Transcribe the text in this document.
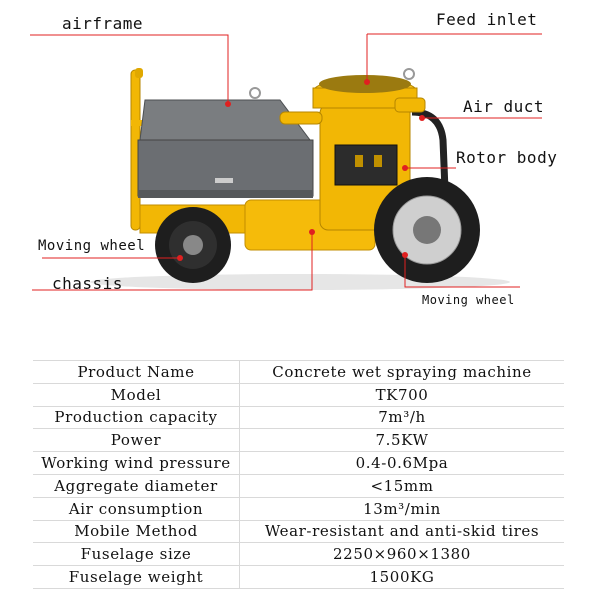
airframe	Feed inlet
Air duct
Rotor body
Moving wheel
chassis
Moving wheel
Product Name	Concrete wet spraying machine
Model	TK700
Production capacity	7m³/h
Power	7.5KW
Working wind pressure	0.4-0.6Mpa
Aggregate diameter	<15mm
Air consumption	13m³/min
Mobile Method	Wear-resistant and anti-skid tires
Fuselage size	2250×960×1380
Fuselage weight	1500KG
